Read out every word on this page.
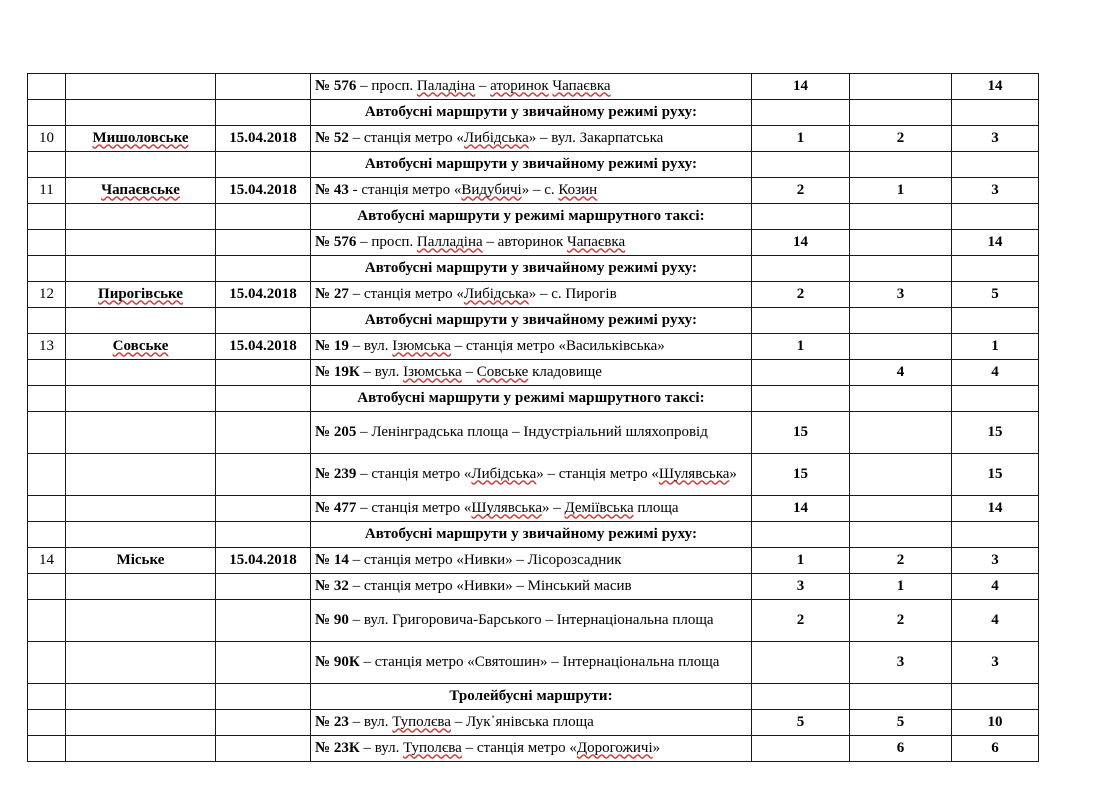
			№ 576 – просп. Паладіна – аторинок Чапаєвка	14		14
			Автобусні маршрути у звичайному режимі руху:			
10	Мишоловське	15.04.2018	№ 52 – станція метро «Либідська» – вул. Закарпатська	1	2	3
			Автобусні маршрути у звичайному режимі руху:			
11	Чапаєвське	15.04.2018	№ 43 - станція метро «Видубичі» – с. Козин	2	1	3
			Автобусні маршрути у режимі маршрутного таксі:			
			№ 576 – просп. Палладіна – авторинок Чапаєвка	14		14
			Автобусні маршрути у звичайному режимі руху:			
12	Пирогівське	15.04.2018	№ 27 – станція метро «Либідська» – с. Пирогів	2	3	5
			Автобусні маршрути у звичайному режимі руху:			
13	Совське	15.04.2018	№ 19 – вул. Ізюмська – станція метро «Васильківська»	1		1
			№ 19К – вул. Ізюмська – Совське кладовище		4	4
			Автобусні маршрути у режимі маршрутного таксі:			
			№ 205 – Ленінградська площа – Індустріальний шляхопровід	15		15
			№ 239 – станція метро «Либідська» – станція метро «Шулявська»	15		15
			№ 477 – станція метро «Шулявська» – Деміївська площа	14		14
			Автобусні маршрути у звичайному режимі руху:			
14	Міське	15.04.2018	№ 14 – станція метро «Нивки» – Лісорозсадник	1	2	3
			№ 32 – станція метро «Нивки» – Мінський масив	3	1	4
			№ 90 – вул. Григоровича-Барського – Інтернаціональна площа	2	2	4
			№ 90К – станція метро «Святошин» – Інтернаціональна площа		3	3
			Тролейбусні маршрути:			
			№ 23 – вул. Туполєва – Лук᾿янівська площа	5	5	10
			№ 23К – вул. Туполєва – станція метро «Дорогожичі»		6	6
